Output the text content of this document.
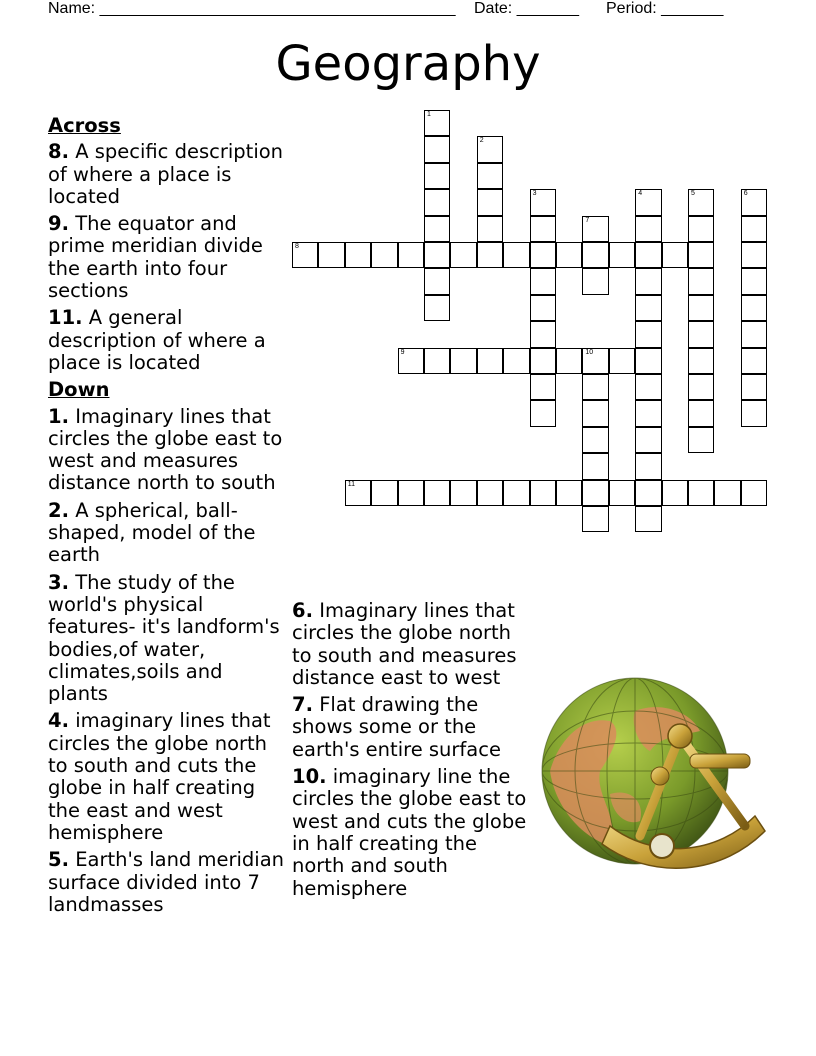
Name: ________________________________________

Date: _______

Period: _______

Geography
Across
8. A specific description of where a place is located
9. The equator and prime meridian divide the earth into four sections
11. A general description of where a place is located
Down
1. Imaginary lines that circles the globe east to west and measures distance north to south
2. A spherical, ball-shaped, model of the earth
3. The study of the world's physical features- it's landform's bodies,of water, climates,soils and plants
4. imaginary lines that circles the globe north to south and cuts the globe in half creating the east and west hemisphere
5. Earth's land meridian surface divided into 7 landmasses
6. Imaginary lines that circles the globe north to south and measures distance east to west
7. Flat drawing the shows some or the earth's entire surface
10. imaginary line the circles the globe east to west and cuts the globe in half creating the north and south hemisphere
1
2
3	4	5	6
7
8
9	10
11
